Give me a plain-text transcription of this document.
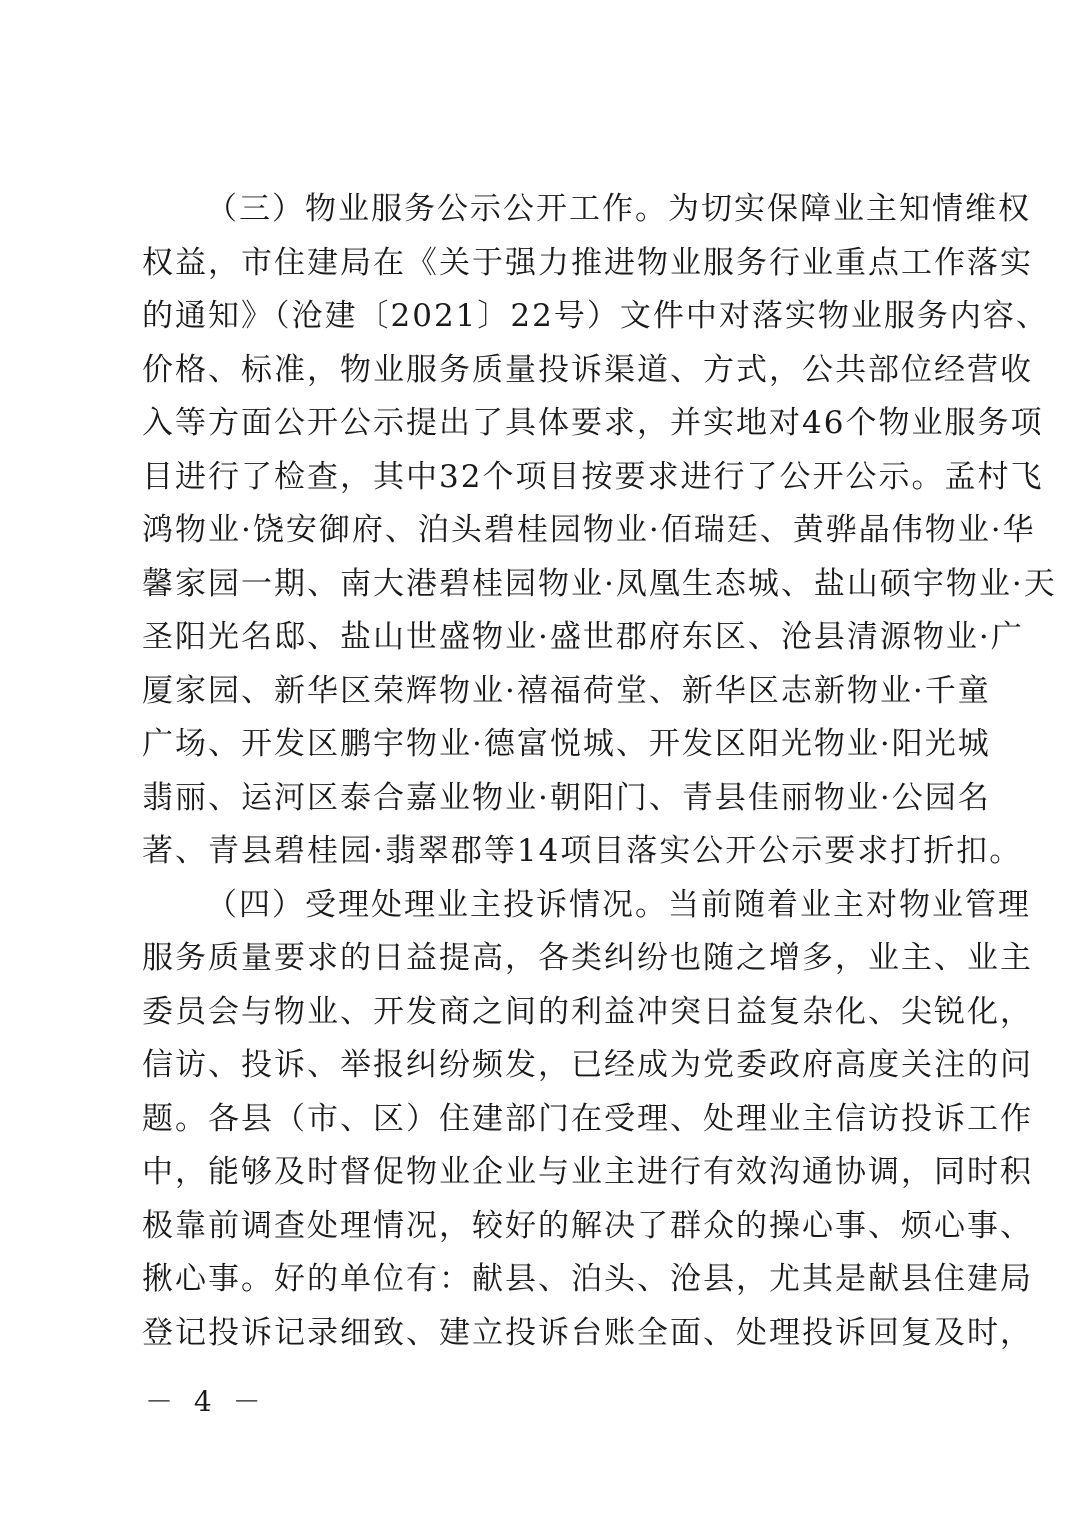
（三）物业服务公示公开工作。为切实保障业主知情维权
权益，市住建局在《关于强力推进物业服务行业重点工作落实
的通知》（沧建〔2021〕22号）文件中对落实物业服务内容、
价格、标准，物业服务质量投诉渠道、方式，公共部位经营收
入等方面公开公示提出了具体要求，并实地对46个物业服务项
目进行了检查，其中32个项目按要求进行了公开公示。孟村飞
鸿物业·饶安御府、泊头碧桂园物业·佰瑞廷、黄骅晶伟物业·华
馨家园一期、南大港碧桂园物业·凤凰生态城、盐山硕宇物业·天
圣阳光名邸、盐山世盛物业·盛世郡府东区、沧县清源物业·广
厦家园、新华区荣辉物业·禧福荷堂、新华区志新物业·千童
广场、开发区鹏宇物业·德富悦城、开发区阳光物业·阳光城
翡丽、运河区泰合嘉业物业·朝阳门、青县佳丽物业·公园名
著、青县碧桂园·翡翠郡等14项目落实公开公示要求打折扣。
（四）受理处理业主投诉情况。当前随着业主对物业管理
服务质量要求的日益提高，各类纠纷也随之增多，业主、业主
委员会与物业、开发商之间的利益冲突日益复杂化、尖锐化，
信访、投诉、举报纠纷频发，已经成为党委政府高度关注的问
题。各县（市、区）住建部门在受理、处理业主信访投诉工作
中，能够及时督促物业企业与业主进行有效沟通协调，同时积
极靠前调查处理情况，较好的解决了群众的操心事、烦心事、
揪心事。好的单位有：献县、泊头、沧县，尤其是献县住建局
登记投诉记录细致、建立投诉台账全面、处理投诉回复及时，
－ 4 －
